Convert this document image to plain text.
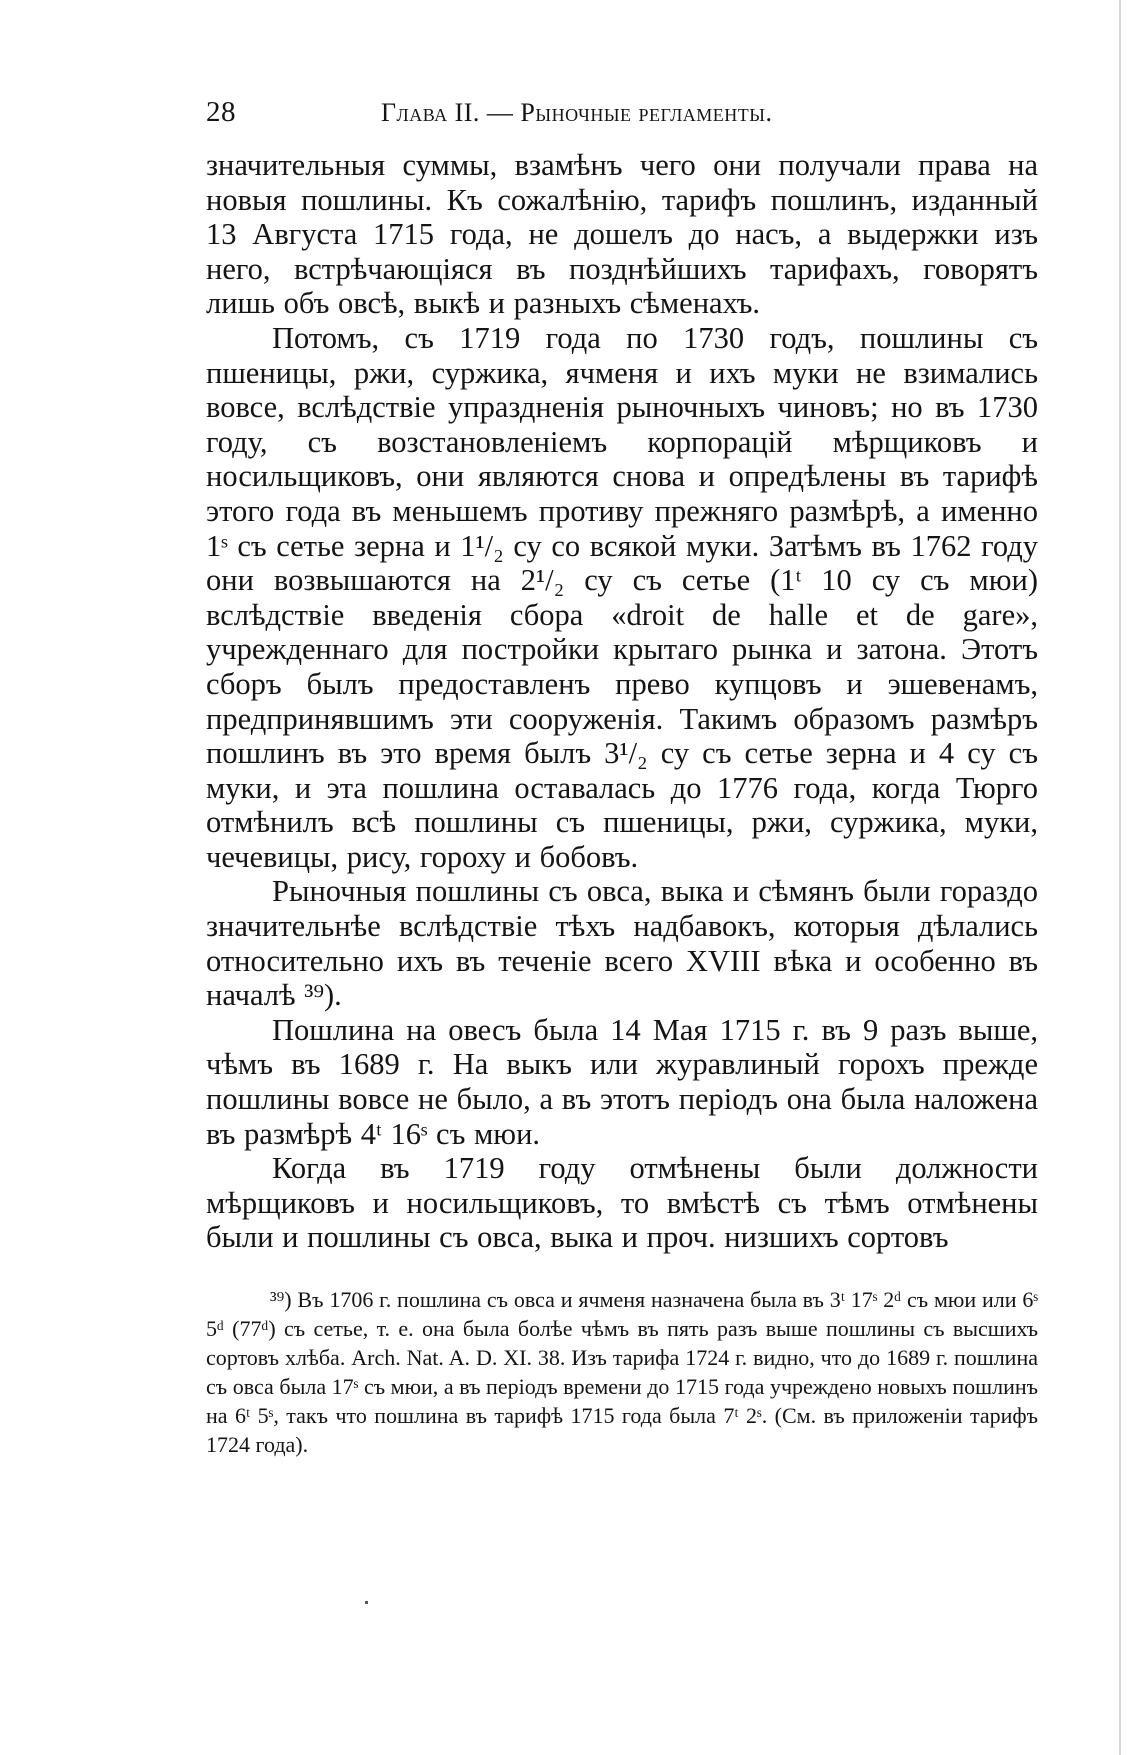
28	Глава II. — Рыночные регламенты.

значительныя суммы, взамѣнъ чего они получали права на новыя пошлины. Къ сожалѣнію, тарифъ пошлинъ, изданный 13 Августа 1715 года, не дошелъ до насъ, а выдержки изъ него, встрѣчающіяся въ позднѣйшихъ тарифахъ, говорятъ лишь объ овсѣ, выкѣ и разныхъ сѣменахъ.

Потомъ, съ 1719 года по 1730 годъ, пошлины съ пшеницы, ржи, суржика, ячменя и ихъ муки не взимались вовсе, вслѣдствіе упраздненія рыночныхъ чиновъ; но въ 1730 году, съ возстановленіемъ корпорацій мѣрщиковъ и носильщиковъ, они являются снова и опредѣлены въ тарифѣ этого года въ меньшемъ противу прежняго размѣрѣ, а именно 1ˢ съ сетье зерна и 1¹/₂ су со всякой муки. Затѣмъ въ 1762 году они возвышаются на 2¹/₂ су съ сетье (1ᵗ 10 су съ мюи) вслѣдствіе введенія сбора «droit de halle et de gare», учрежденнаго для постройки крытаго рынка и затона. Этотъ сборъ былъ предоставленъ прево купцовъ и эшевенамъ, предпринявшимъ эти сооруженія. Такимъ образомъ размѣръ пошлинъ въ это время былъ 3¹/₂ су съ сетье зерна и 4 су съ муки, и эта пошлина оставалась до 1776 года, когда Тюрго отмѣнилъ всѣ пошлины съ пшеницы, ржи, суржика, муки, чечевицы, рису, гороху и бобовъ.

Рыночныя пошлины съ овса, выка и сѣмянъ были гораздо значительнѣе вслѣдствіе тѣхъ надбавокъ, которыя дѣлались относительно ихъ въ теченіе всего XVIII вѣка и особенно въ началѣ ³⁹).

Пошлина на овесъ была 14 Мая 1715 г. въ 9 разъ выше, чѣмъ въ 1689 г. На выкъ или журавлиный горохъ прежде пошлины вовсе не было, а въ этотъ періодъ она была наложена въ размѣрѣ 4ᵗ 16ˢ съ мюи.

Когда въ 1719 году отмѣнены были должности мѣрщиковъ и носильщиковъ, то вмѣстѣ съ тѣмъ отмѣнены были и пошлины съ овса, выка и проч. низшихъ сортовъ

³⁹) Въ 1706 г. пошлина съ овса и ячменя назначена была въ 3ᵗ 17ˢ 2ᵈ съ мюи или 6ˢ 5ᵈ (77ᵈ) съ сетье, т. е. она была болѣе чѣмъ въ пять разъ выше пошлины съ высшихъ сортовъ хлѣба. Arch. Nat. A. D. XI. 38. Изъ тарифа 1724 г. видно, что до 1689 г. пошлина съ овса была 17ˢ съ мюи, а въ періодъ времени до 1715 года учреждено новыхъ пошлинъ на 6ᵗ 5ˢ, такъ что пошлина въ тарифѣ 1715 года была 7ᵗ 2ˢ. (См. въ приложеніи тарифъ 1724 года).
